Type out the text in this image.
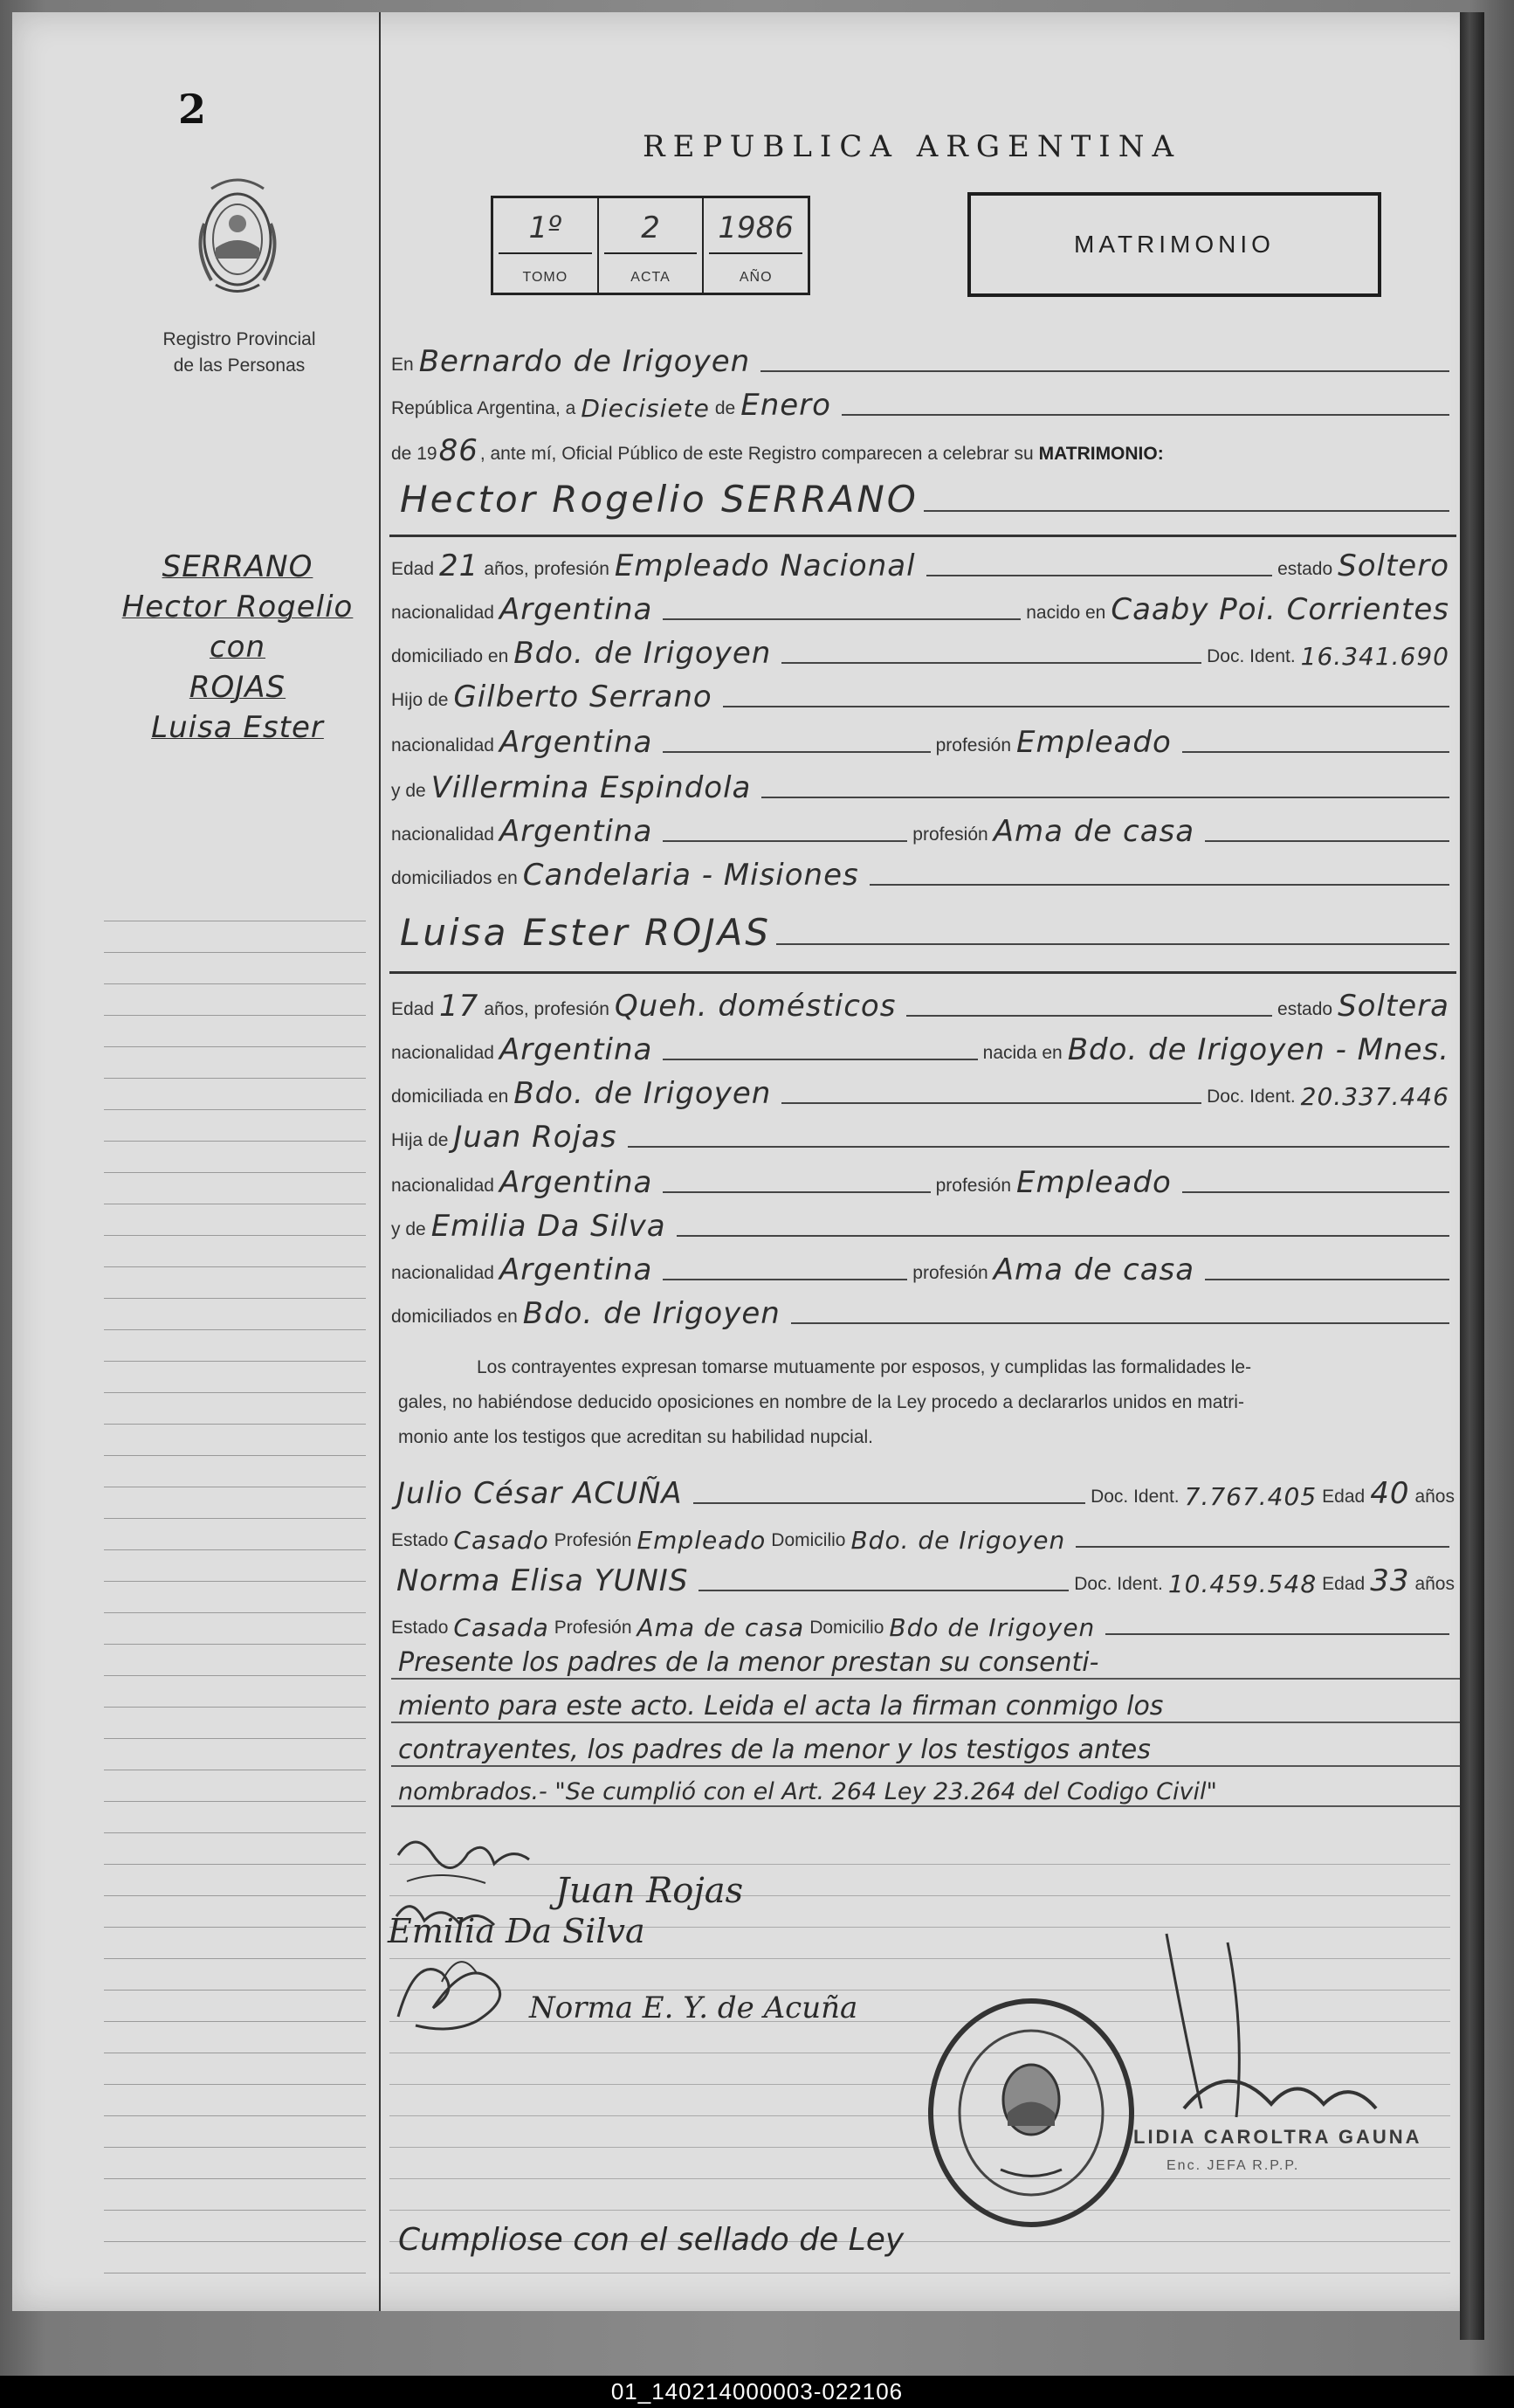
2
Registro Provincial
de las Personas
SERRANO
Hector Rogelio
con
ROJAS
Luisa Ester
REPUBLICA ARGENTINA
1º
TOMO
2
ACTA
1986
AÑO
MATRIMONIO
En Bernardo de Irigoyen
República Argentina, a Diecisiete de Enero
de 19 86 , ante mí, Oficial Público de este Registro comparecen a celebrar su MATRIMONIO:
Hector Rogelio SERRANO
Edad 21 años, profesión Empleado Nacional	estado Soltero
nacionalidad Argentina	nacido en Caaby Poi. Corrientes
domiciliado en Bdo. de Irigoyen	Doc. Ident. 16.341.690
Hijo de Gilberto Serrano
nacionalidad Argentina	profesión Empleado
y de Villermina Espindola
nacionalidad Argentina	profesión Ama de casa
domiciliados en Candelaria - Misiones
Luisa Ester ROJAS
Edad 17 años, profesión Queh. domésticos	estado Soltera
nacionalidad Argentina	nacida en Bdo. de Irigoyen - Mnes.
domiciliada en Bdo. de Irigoyen	Doc. Ident. 20.337.446
Hija de Juan Rojas
nacionalidad Argentina	profesión Empleado
y de Emilia Da Silva
nacionalidad Argentina	profesión Ama de casa
domiciliados en Bdo. de Irigoyen
Los contrayentes expresan tomarse mutuamente por esposos, y cumplidas las formalidades le-
gales, no habiéndose deducido oposiciones en nombre de la Ley procedo a declararlos unidos en matri-
monio ante los testigos que acreditan su habilidad nupcial.
Julio César ACUÑA	Doc. Ident. 7.767.405 Edad 40 años
Estado Casado Profesión Empleado Domicilio Bdo. de Irigoyen
Norma Elisa YUNIS	Doc. Ident. 10.459.548 Edad 33 años
Estado Casada Profesión Ama de casa Domicilio Bdo de Irigoyen
Presente los padres de la menor prestan su consenti-
miento para este acto. Leida el acta la firman conmigo los
contrayentes, los padres de la menor y los testigos antes
nombrados.- "Se cumplió con el Art. 264 Ley 23.264 del Codigo Civil"
Juan Rojas
Emilia Da Silva
Norma E. Y. de Acuña
LIDIA CAROLTRA GAUNA
Enc. JEFA R.P.P.
Cumpliose con el sellado de Ley
01_140214000003-022106
